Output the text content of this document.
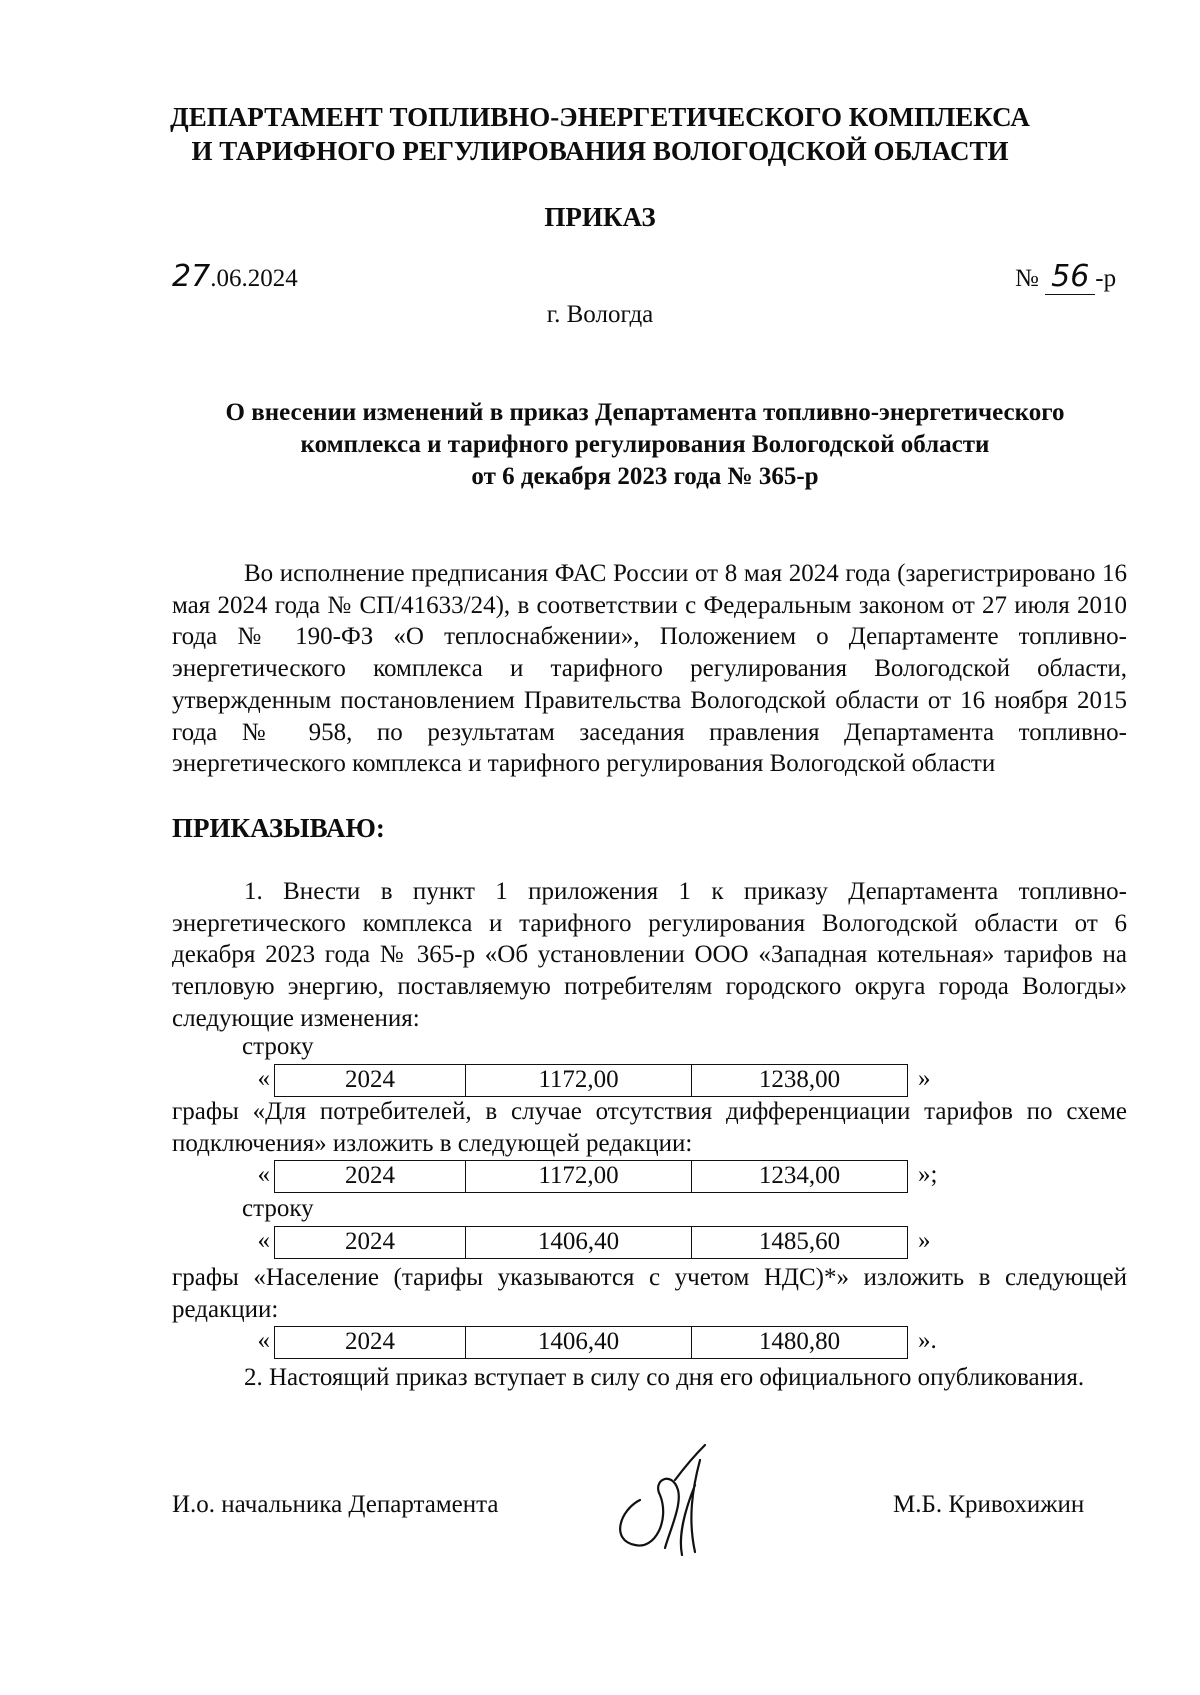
ДЕПАРТАМЕНТ ТОПЛИВНО-ЭНЕРГЕТИЧЕСКОГО КОМПЛЕКСА
И ТАРИФНОГО РЕГУЛИРОВАНИЯ ВОЛОГОДСКОЙ ОБЛАСТИ
ПРИКАЗ
27.06.2024	№ 56 -р
г. Вологда
О внесении изменений в приказ Департамента топливно-энергетического
комплекса и тарифного регулирования Вологодской области
от 6 декабря 2023 года № 365-р

Во исполнение предписания ФАС России от 8 мая 2024 года (зарегистрировано 16 мая 2024 года № СП/41633/24), в соответствии с Федеральным законом от 27 июля 2010 года № 190-ФЗ «О теплоснабжении», Положением о Департаменте топливно-энергетического комплекса и тарифного регулирования Вологодской области, утвержденным постановлением Правительства Вологодской области от 16 ноября 2015 года № 958, по результатам заседания правления Департамента топливно-энергетического комплекса и тарифного регулирования Вологодской области

ПРИКАЗЫВАЮ:

1. Внести в пункт 1 приложения 1 к приказу Департамента топливно-энергетического комплекса и тарифного регулирования Вологодской области от 6 декабря 2023 года № 365-р «Об установлении ООО «Западная котельная» тарифов на тепловую энергию, поставляемую потребителям городского округа города Вологды» следующие изменения:

строку
«	2024	1172,00	1238,00	»

графы «Для потребителей, в случае отсутствия дифференциации тарифов по схеме подключения» изложить в следующей редакции:

«	2024	1172,00	1234,00	»;
строку
«	2024	1406,40	1485,60	»

графы «Население (тарифы указываются с учетом НДС)*» изложить в следующей редакции:

«	2024	1406,40	1480,80	».

2. Настоящий приказ вступает в силу со дня его официального опубликования.

И.о. начальника Департамента	М.Б. Кривохижин
